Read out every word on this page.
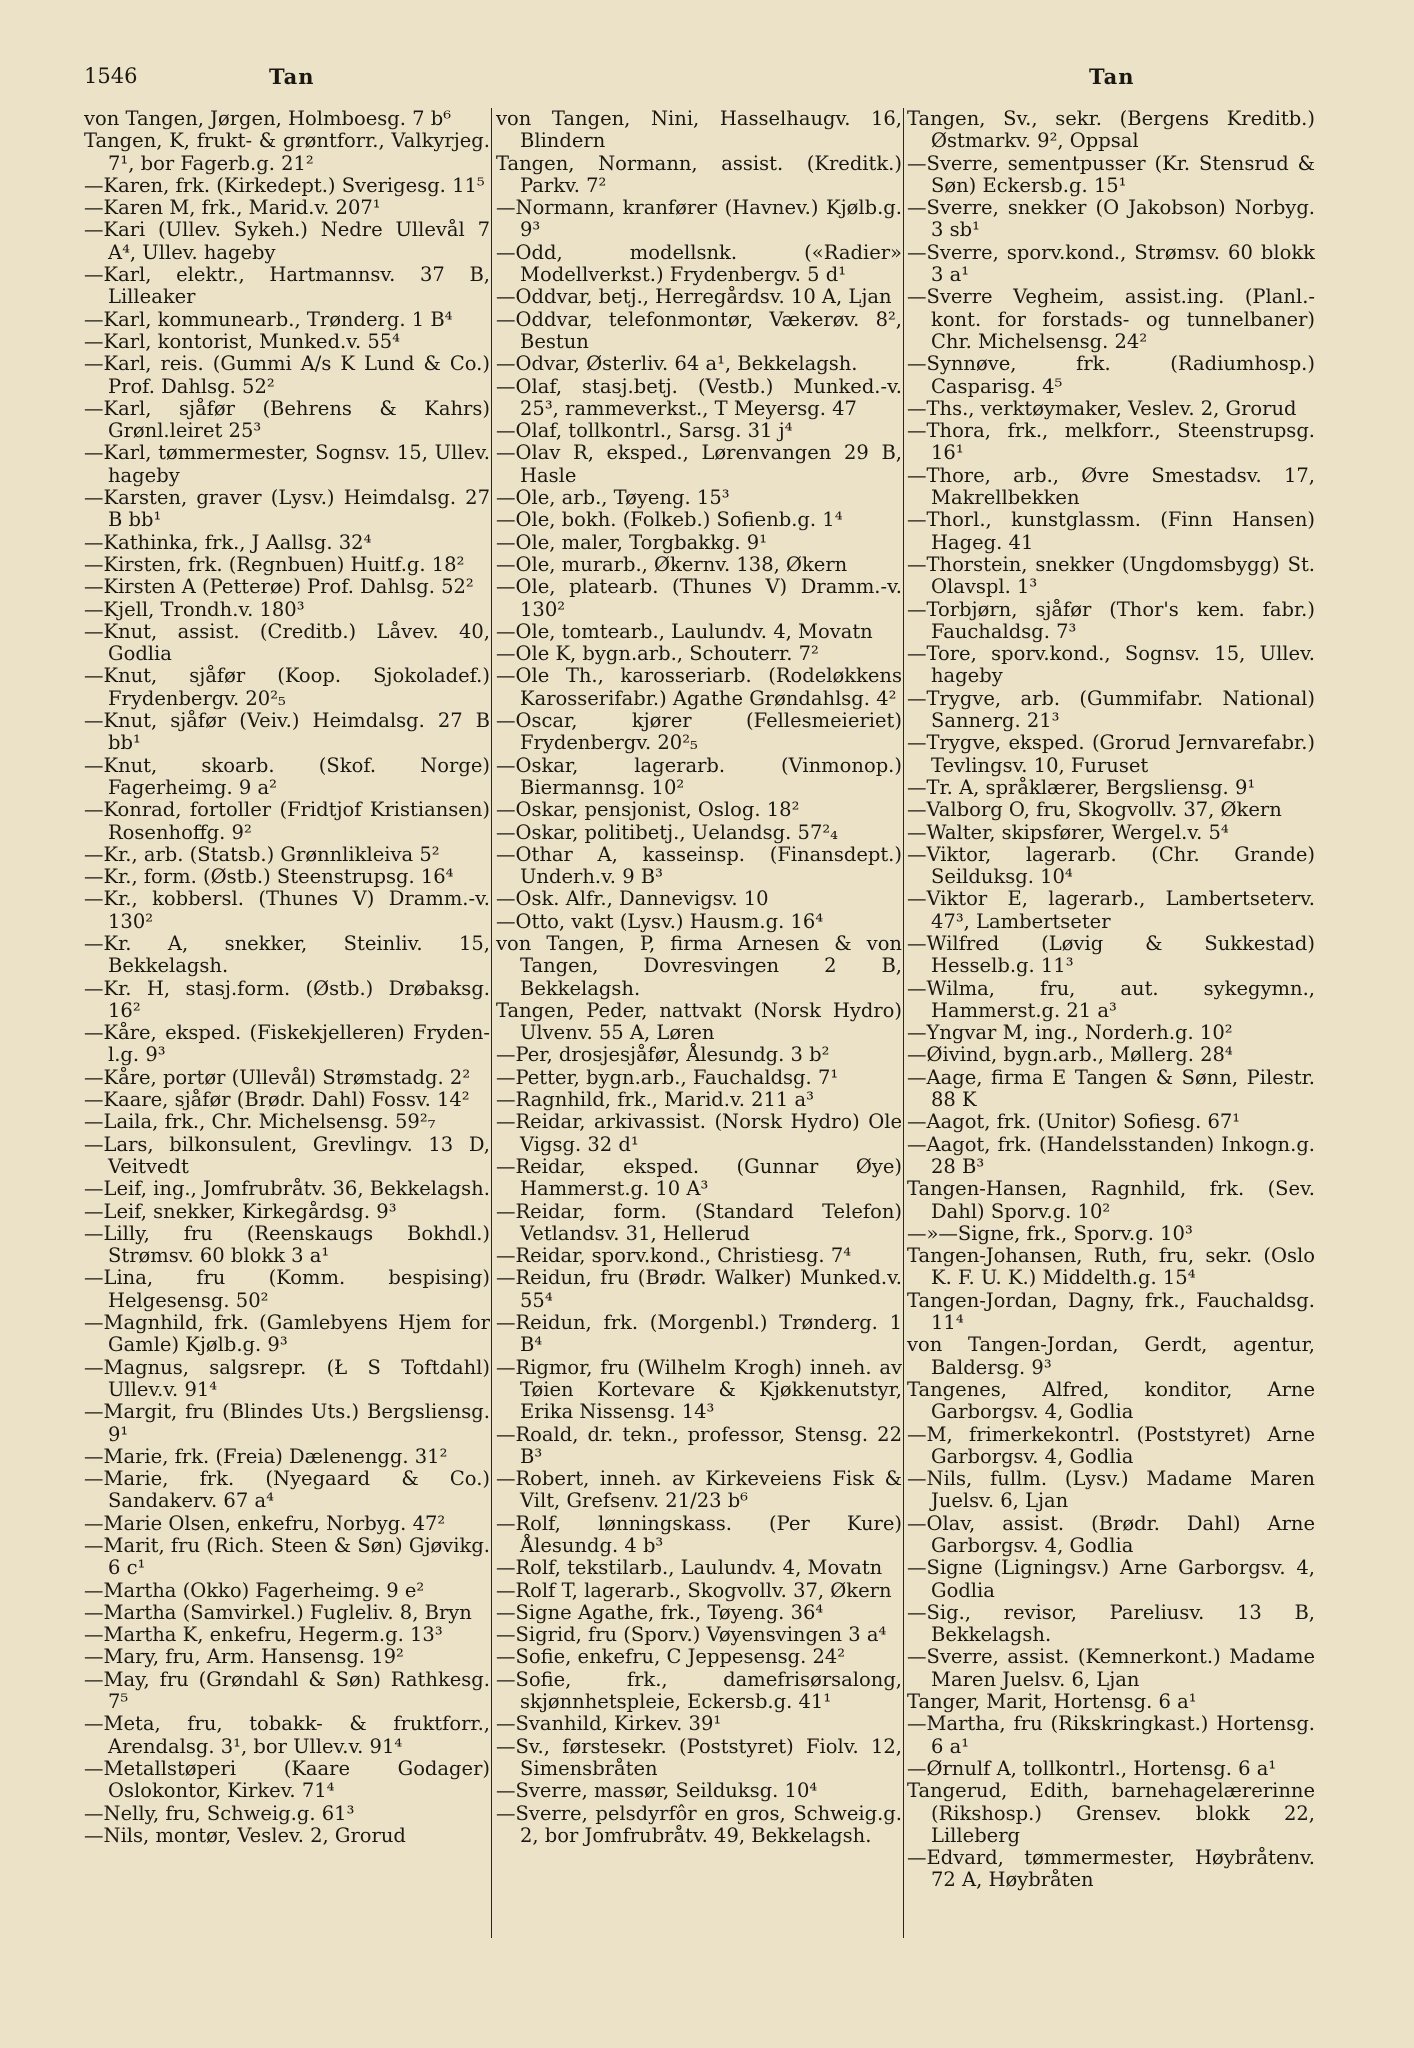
1546	Tan	Tan

von Tangen, Jørgen, Holmboesg. 7 b⁶

Tangen, K, frukt- & grøntforr., Valkyrjeg. 7¹, bor Fagerb.g. 21²

—Karen, frk. (Kirkedept.) Sverigesg. 11⁵

—Karen M, frk., Marid.v. 207¹

—Kari (Ullev. Sykeh.) Nedre Ullevål 7 A⁴, Ullev. hageby

—Karl, elektr., Hartmannsv. 37 B, Lilleaker

—Karl, kommunearb., Trønderg. 1 B⁴

—Karl, kontorist, Munked.v. 55⁴

—Karl, reis. (Gummi A/s K Lund & Co.) Prof. Dahlsg. 52²

—Karl, sjåfør (Behrens & Kahrs) Grønl.leiret 25³

—Karl, tømmermester, Sognsv. 15, Ullev. hageby

—Karsten, graver (Lysv.) Heimdalsg. 27 B bb¹

—Kathinka, frk., J Aallsg. 32⁴

—Kirsten, frk. (Regnbuen) Huitf.g. 18²

—Kirsten A (Petterøe) Prof. Dahlsg. 52²

—Kjell, Trondh.v. 180³

—Knut, assist. (Creditb.) Låvev. 40, Godlia

—Knut, sjåfør (Koop. Sjokoladef.) Frydenbergv. 20²₅

—Knut, sjåfør (Veiv.) Heimdalsg. 27 B bb¹

—Knut, skoarb. (Skof. Norge) Fagerheimg. 9 a²

—Konrad, fortoller (Fridtjof Kristiansen) Rosenhoffg. 9²

—Kr., arb. (Statsb.) Grønnlikleiva 5²

—Kr., form. (Østb.) Steenstrupsg. 16⁴

—Kr., kobbersl. (Thunes V) Dramm.-v. 130²

—Kr. A, snekker, Steinliv. 15, Bekkelagsh.

—Kr. H, stasj.form. (Østb.) Drøbaksg. 16²

—Kåre, eksped. (Fiskekjelleren) Fryden-l.g. 9³

—Kåre, portør (Ullevål) Strømstadg. 2²

—Kaare, sjåfør (Brødr. Dahl) Fossv. 14²

—Laila, frk., Chr. Michelsensg. 59²₇

—Lars, bilkonsulent, Grevlingv. 13 D, Veitvedt

—Leif, ing., Jomfrubråtv. 36, Bekkelagsh.

—Leif, snekker, Kirkegårdsg. 9³

—Lilly, fru (Reenskaugs Bokhdl.) Strømsv. 60 blokk 3 a¹

—Lina, fru (Komm. bespising) Helgesensg. 50²

—Magnhild, frk. (Gamlebyens Hjem for Gamle) Kjølb.g. 9³

—Magnus, salgsrepr. (Ł S Toftdahl) Ullev.v. 91⁴

—Margit, fru (Blindes Uts.) Bergsliensg. 9¹

—Marie, frk. (Freia) Dælenengg. 31²

—Marie, frk. (Nyegaard & Co.) Sandakerv. 67 a⁴

—Marie Olsen, enkefru, Norbyg. 47²

—Marit, fru (Rich. Steen & Søn) Gjøvikg. 6 c¹

—Martha (Okko) Fagerheimg. 9 e²

—Martha (Samvirkel.) Fugleliv. 8, Bryn

—Martha K, enkefru, Hegerm.g. 13³

—Mary, fru, Arm. Hansensg. 19²

—May, fru (Grøndahl & Søn) Rathkesg. 7⁵

—Meta, fru, tobakk- & fruktforr., Arendalsg. 3¹, bor Ullev.v. 91⁴

—Metallstøperi (Kaare Godager) Oslokontor, Kirkev. 71⁴

—Nelly, fru, Schweig.g. 61³

—Nils, montør, Veslev. 2, Grorud

von Tangen, Nini, Hasselhaugv. 16, Blindern

Tangen, Normann, assist. (Kreditk.) Parkv. 7²

—Normann, kranfører (Havnev.) Kjølb.g. 9³

—Odd, modellsnk. («Radier» Modellverkst.) Frydenbergv. 5 d¹

—Oddvar, betj., Herregårdsv. 10 A, Ljan

—Oddvar, telefonmontør, Vækerøv. 8², Bestun

—Odvar, Østerliv. 64 a¹, Bekkelagsh.

—Olaf, stasj.betj. (Vestb.) Munked.-v. 25³, rammeverkst., T Meyersg. 47

—Olaf, tollkontrl., Sarsg. 31 j⁴

—Olav R, eksped., Lørenvangen 29 B, Hasle

—Ole, arb., Tøyeng. 15³

—Ole, bokh. (Folkeb.) Sofienb.g. 1⁴

—Ole, maler, Torgbakkg. 9¹

—Ole, murarb., Økernv. 138, Økern

—Ole, platearb. (Thunes V) Dramm.-v. 130²

—Ole, tomtearb., Laulundv. 4, Movatn

—Ole K, bygn.arb., Schouterr. 7²

—Ole Th., karosseriarb. (Rodeløkkens Karosserifabr.) Agathe Grøndahlsg. 4²

—Oscar, kjører (Fellesmeieriet) Frydenbergv. 20²₅

—Oskar, lagerarb. (Vinmonop.) Biermannsg. 10²

—Oskar, pensjonist, Oslog. 18²

—Oskar, politibetj., Uelandsg. 57²₄

—Othar A, kasseinsp. (Finansdept.) Underh.v. 9 B³

—Osk. Alfr., Dannevigsv. 10

—Otto, vakt (Lysv.) Hausm.g. 16⁴

von Tangen, P, firma Arnesen & von Tangen, Dovresvingen 2 B, Bekkelagsh.

Tangen, Peder, nattvakt (Norsk Hydro) Ulvenv. 55 A, Løren

—Per, drosjesjåfør, Ålesundg. 3 b²

—Petter, bygn.arb., Fauchaldsg. 7¹

—Ragnhild, frk., Marid.v. 211 a³

—Reidar, arkivassist. (Norsk Hydro) Ole Vigsg. 32 d¹

—Reidar, eksped. (Gunnar Øye) Hammerst.g. 10 A³

—Reidar, form. (Standard Telefon) Vetlandsv. 31, Hellerud

—Reidar, sporv.kond., Christiesg. 7⁴

—Reidun, fru (Brødr. Walker) Munked.v. 55⁴

—Reidun, frk. (Morgenbl.) Trønderg. 1 B⁴

—Rigmor, fru (Wilhelm Krogh) inneh. av Tøien Kortevare & Kjøkkenutstyr, Erika Nissensg. 14³

—Roald, dr. tekn., professor, Stensg. 22 B³

—Robert, inneh. av Kirkeveiens Fisk & Vilt, Grefsenv. 21/23 b⁶

—Rolf, lønningskass. (Per Kure) Ålesundg. 4 b³

—Rolf, tekstilarb., Laulundv. 4, Movatn

—Rolf T, lagerarb., Skogvollv. 37, Økern

—Signe Agathe, frk., Tøyeng. 36⁴

—Sigrid, fru (Sporv.) Vøyensvingen 3 a⁴

—Sofie, enkefru, C Jeppesensg. 24²

—Sofie, frk., damefrisørsalong, skjønnhetspleie, Eckersb.g. 41¹

—Svanhild, Kirkev. 39¹

—Sv., førstesekr. (Poststyret) Fiolv. 12, Simensbråten

—Sverre, massør, Seilduksg. 10⁴

—Sverre, pelsdyrfôr en gros, Schweig.g. 2, bor Jomfrubråtv. 49, Bekkelagsh.

Tangen, Sv., sekr. (Bergens Kreditb.) Østmarkv. 9², Oppsal

—Sverre, sementpusser (Kr. Stensrud & Søn) Eckersb.g. 15¹

—Sverre, snekker (O Jakobson) Norbyg. 3 sb¹

—Sverre, sporv.kond., Strømsv. 60 blokk 3 a¹

—Sverre Vegheim, assist.ing. (Planl.-kont. for forstads- og tunnelbaner) Chr. Michelsensg. 24²

—Synnøve, frk. (Radiumhosp.) Casparisg. 4⁵

—Ths., verktøymaker, Veslev. 2, Grorud

—Thora, frk., melkforr., Steenstrupsg. 16¹

—Thore, arb., Øvre Smestadsv. 17, Makrellbekken

—Thorl., kunstglassm. (Finn Hansen) Hageg. 41

—Thorstein, snekker (Ungdomsbygg) St. Olavspl. 1³

—Torbjørn, sjåfør (Thor's kem. fabr.) Fauchaldsg. 7³

—Tore, sporv.kond., Sognsv. 15, Ullev. hageby

—Trygve, arb. (Gummifabr. National) Sannerg. 21³

—Trygve, eksped. (Grorud Jernvarefabr.) Tevlingsv. 10, Furuset

—Tr. A, språklærer, Bergsliensg. 9¹

—Valborg O, fru, Skogvollv. 37, Økern

—Walter, skipsfører, Wergel.v. 5⁴

—Viktor, lagerarb. (Chr. Grande) Seilduksg. 10⁴

—Viktor E, lagerarb., Lambertseterv. 47³, Lambertseter

—Wilfred (Løvig & Sukkestad) Hesselb.g. 11³

—Wilma, fru, aut. sykegymn., Hammerst.g. 21 a³

—Yngvar M, ing., Norderh.g. 10²

—Øivind, bygn.arb., Møllerg. 28⁴

—Aage, firma E Tangen & Sønn, Pilestr. 88 K

—Aagot, frk. (Unitor) Sofiesg. 67¹

—Aagot, frk. (Handelsstanden) Inkogn.g. 28 B³

Tangen-Hansen, Ragnhild, frk. (Sev. Dahl) Sporv.g. 10²

—»—Signe, frk., Sporv.g. 10³

Tangen-Johansen, Ruth, fru, sekr. (Oslo K. F. U. K.) Middelth.g. 15⁴

Tangen-Jordan, Dagny, frk., Fauchaldsg. 11⁴

von Tangen-Jordan, Gerdt, agentur, Baldersg. 9³

Tangenes, Alfred, konditor, Arne Garborgsv. 4, Godlia

—M, frimerkekontrl. (Poststyret) Arne Garborgsv. 4, Godlia

—Nils, fullm. (Lysv.) Madame Maren Juelsv. 6, Ljan

—Olav, assist. (Brødr. Dahl) Arne Garborgsv. 4, Godlia

—Signe (Ligningsv.) Arne Garborgsv. 4, Godlia

—Sig., revisor, Pareliusv. 13 B, Bekkelagsh.

—Sverre, assist. (Kemnerkont.) Madame Maren Juelsv. 6, Ljan

Tanger, Marit, Hortensg. 6 a¹

—Martha, fru (Rikskringkast.) Hortensg. 6 a¹

—Ørnulf A, tollkontrl., Hortensg. 6 a¹

Tangerud, Edith, barnehagelærerinne (Rikshosp.) Grensev. blokk 22, Lilleberg

—Edvard, tømmermester, Høybråtenv. 72 A, Høybråten
